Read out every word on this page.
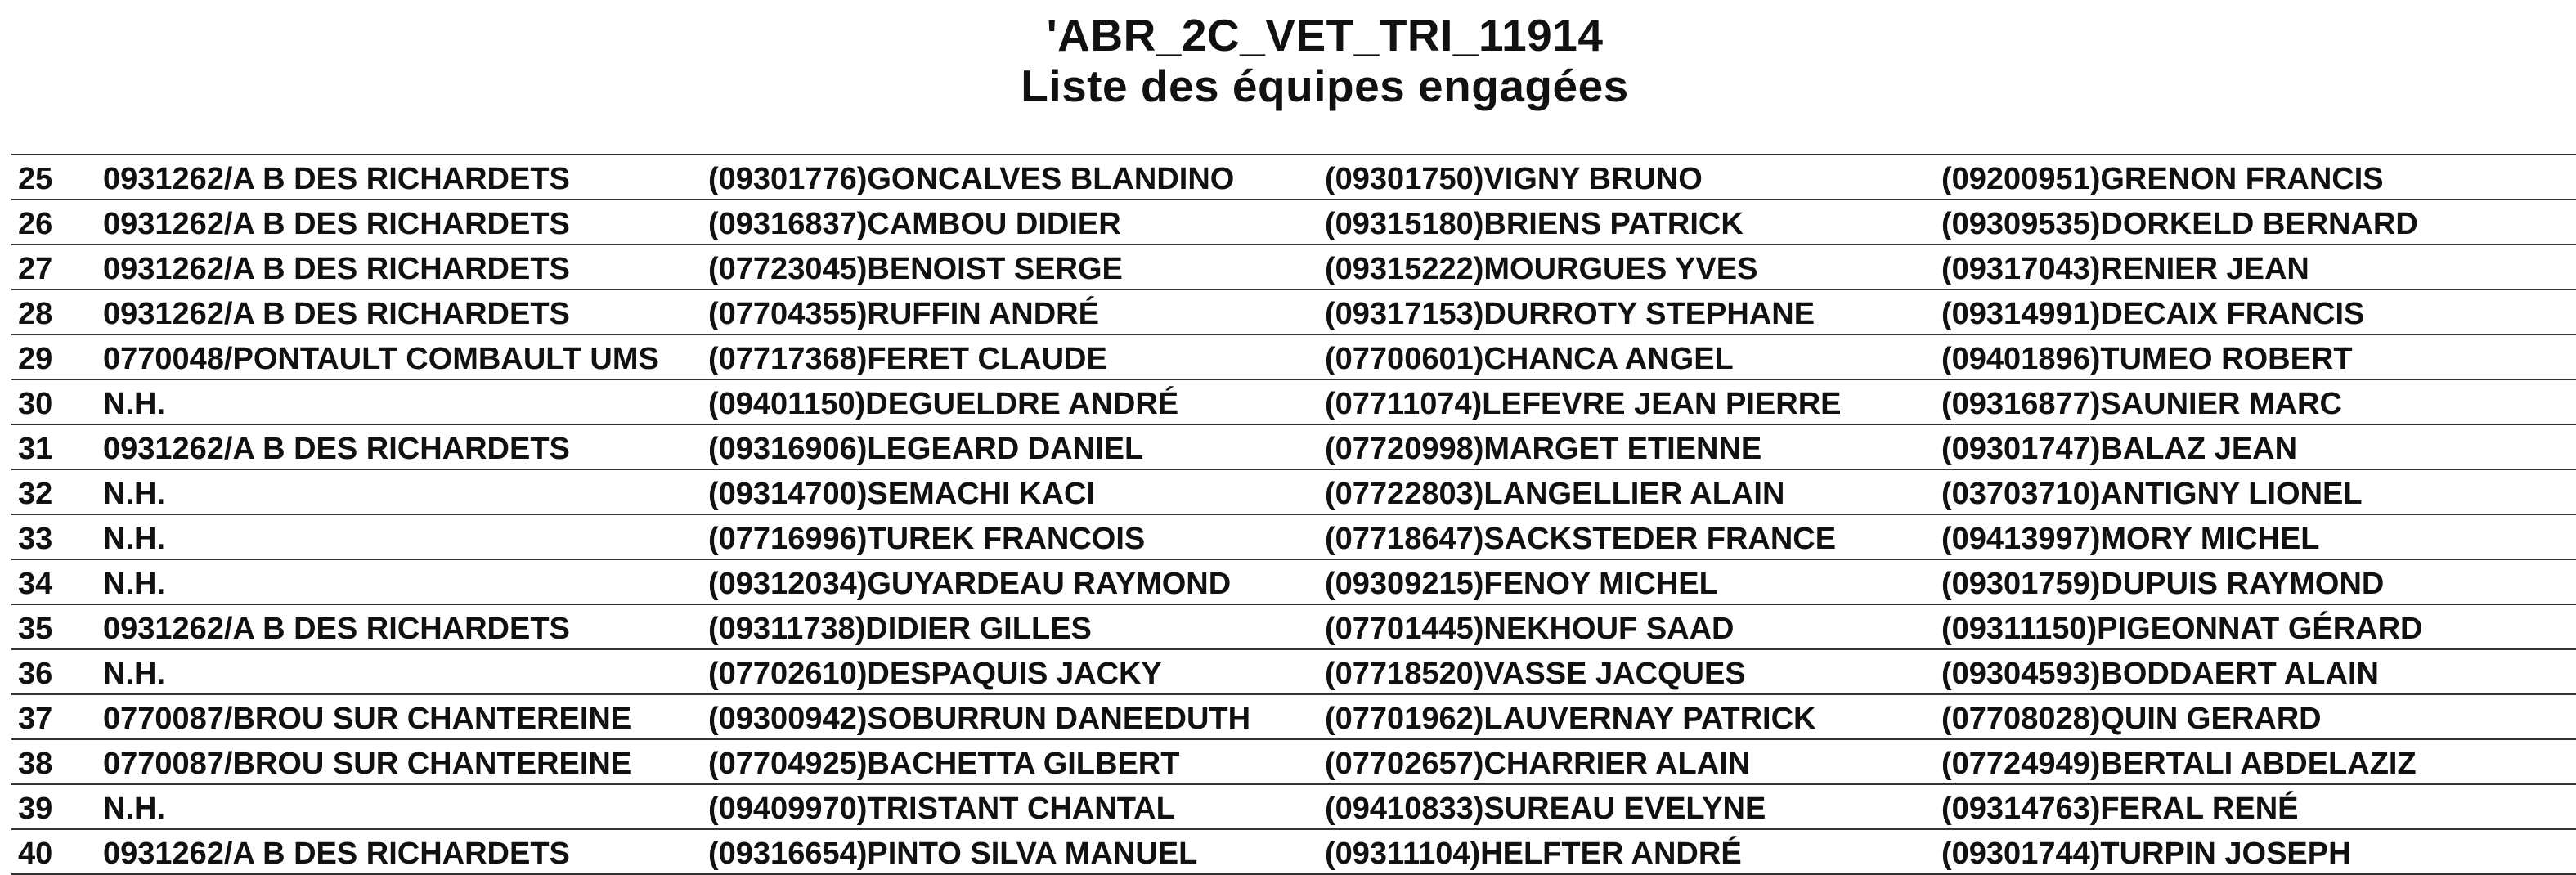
'ABR_2C_VET_TRI_11914
Liste des équipes engagées
25 0931262/A B DES RICHARDETS	(09301776)GONCALVES BLANDINO	(09301750)VIGNY BRUNO	(09200951)GRENON FRANCIS
26 0931262/A B DES RICHARDETS	(09316837)CAMBOU DIDIER	(09315180)BRIENS PATRICK	(09309535)DORKELD BERNARD
27 0931262/A B DES RICHARDETS	(07723045)BENOIST SERGE	(09315222)MOURGUES YVES	(09317043)RENIER JEAN
28 0931262/A B DES RICHARDETS	(07704355)RUFFIN ANDRÉ	(09317153)DURROTY STEPHANE	(09314991)DECAIX FRANCIS
29 0770048/PONTAULT COMBAULT UMS (07717368)FERET CLAUDE	(07700601)CHANCA ANGEL	(09401896)TUMEO ROBERT
30 N.H.	(09401150)DEGUELDRE ANDRÉ	(07711074)LEFEVRE JEAN PIERRE	(09316877)SAUNIER MARC
31 0931262/A B DES RICHARDETS	(09316906)LEGEARD DANIEL	(07720998)MARGET ETIENNE	(09301747)BALAZ JEAN
32 N.H.	(09314700)SEMACHI KACI	(07722803)LANGELLIER ALAIN	(03703710)ANTIGNY LIONEL
33 N.H.	(07716996)TUREK FRANCOIS	(07718647)SACKSTEDER FRANCE	(09413997)MORY MICHEL
34 N.H.	(09312034)GUYARDEAU RAYMOND	(09309215)FENOY MICHEL	(09301759)DUPUIS RAYMOND
35 0931262/A B DES RICHARDETS	(09311738)DIDIER GILLES	(07701445)NEKHOUF SAAD	(09311150)PIGEONNAT GÉRARD
36 N.H.	(07702610)DESPAQUIS JACKY	(07718520)VASSE JACQUES	(09304593)BODDAERT ALAIN
37 0770087/BROU SUR CHANTEREINE (09300942)SOBURRUN DANEEDUTH (07701962)LAUVERNAY PATRICK	(07708028)QUIN GERARD
38 0770087/BROU SUR CHANTEREINE (07704925)BACHETTA GILBERT	(07702657)CHARRIER ALAIN	(07724949)BERTALI ABDELAZIZ
39 N.H.	(09409970)TRISTANT CHANTAL	(09410833)SUREAU EVELYNE	(09314763)FERAL RENÉ
40 0931262/A B DES RICHARDETS	(09316654)PINTO SILVA MANUEL	(09311104)HELFTER ANDRÉ	(09301744)TURPIN JOSEPH
